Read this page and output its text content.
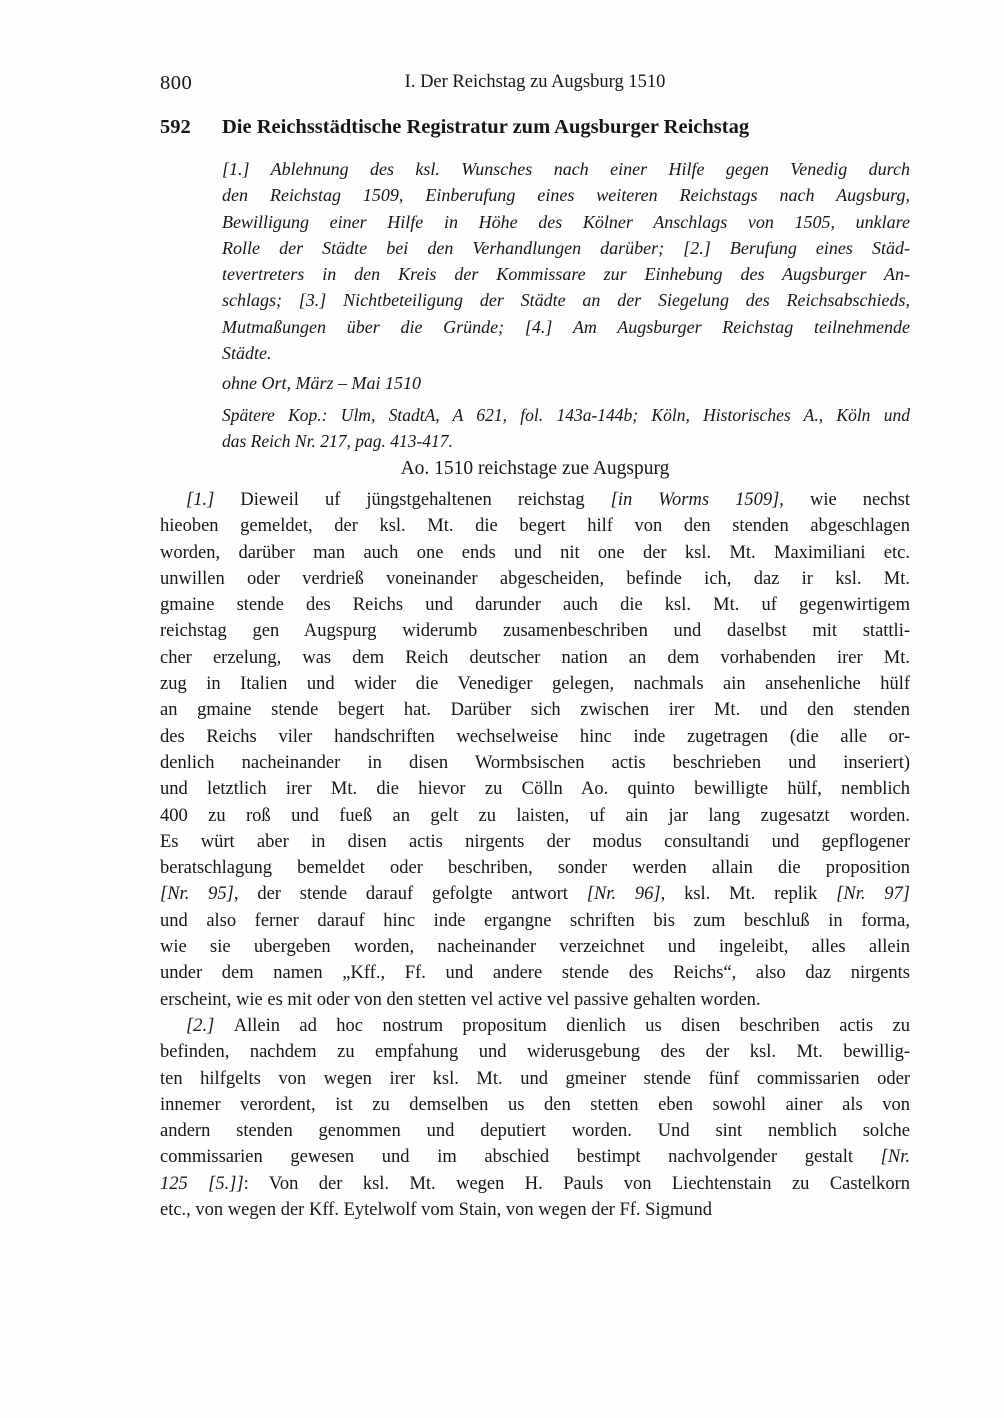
800	I. Der Reichstag zu Augsburg 1510
592 Die Reichsstädtische Registratur zum Augsburger Reichstag
[1.] Ablehnung des ksl. Wunsches nach einer Hilfe gegen Venedig durch
den Reichstag 1509, Einberufung eines weiteren Reichstags nach Augsburg,
Bewilligung einer Hilfe in Höhe des Kölner Anschlags von 1505, unklare
Rolle der Städte bei den Verhandlungen darüber; [2.] Berufung eines Städ-
tevertreters in den Kreis der Kommissare zur Einhebung des Augsburger An-
schlags; [3.] Nichtbeteiligung der Städte an der Siegelung des Reichsabschieds,
Mutmaßungen über die Gründe; [4.] Am Augsburger Reichstag teilnehmende
Städte.
ohne Ort, März – Mai 1510
Spätere Kop.: Ulm, StadtA, A 621, fol. 143a-144b; Köln, Historisches A., Köln und
das Reich Nr. 217, pag. 413-417.
Ao. 1510 reichstage zue Augspurg
[1.] Dieweil uf jüngstgehaltenen reichstag [in Worms 1509], wie nechst
hieoben gemeldet, der ksl. Mt. die begert hilf von den stenden abgeschlagen
worden, darüber man auch one ends und nit one der ksl. Mt. Maximiliani etc.
unwillen oder verdrieß voneinander abgescheiden, befinde ich, daz ir ksl. Mt.
gmaine stende des Reichs und darunder auch die ksl. Mt. uf gegenwirtigem
reichstag gen Augspurg widerumb zusamenbeschriben und daselbst mit stattli-
cher erzelung, was dem Reich deutscher nation an dem vorhabenden irer Mt.
zug in Italien und wider die Venediger gelegen, nachmals ain ansehenliche hülf
an gmaine stende begert hat. Darüber sich zwischen irer Mt. und den stenden
des Reichs viler handschriften wechselweise hinc inde zugetragen (die alle or-
denlich nacheinander in disen Wormbsischen actis beschrieben und inseriert)
und letztlich irer Mt. die hievor zu Cölln Ao. quinto bewilligte hülf, nemblich
400 zu roß und fueß an gelt zu laisten, uf ain jar lang zugesatzt worden.
Es würt aber in disen actis nirgents der modus consultandi und gepflogener
beratschlagung bemeldet oder beschriben, sonder werden allain die proposition
[Nr. 95], der stende darauf gefolgte antwort [Nr. 96], ksl. Mt. replik [Nr. 97]
und also ferner darauf hinc inde ergangne schriften bis zum beschluß in forma,
wie sie ubergeben worden, nacheinander verzeichnet und ingeleibt, alles allein
under dem namen „Kff., Ff. und andere stende des Reichs“, also daz nirgents
erscheint, wie es mit oder von den stetten vel active vel passive gehalten worden.
[2.] Allein ad hoc nostrum propositum dienlich us disen beschriben actis zu
befinden, nachdem zu empfahung und widerusgebung des der ksl. Mt. bewillig-
ten hilfgelts von wegen irer ksl. Mt. und gmeiner stende fünf commissarien oder
innemer verordent, ist zu demselben us den stetten eben sowohl ainer als von
andern stenden genommen und deputiert worden. Und sint nemblich solche
commissarien gewesen und im abschied bestimpt nachvolgender gestalt [Nr.
125 [5.]]: Von der ksl. Mt. wegen H. Pauls von Liechtenstain zu Castelkorn
etc., von wegen der Kff. Eytelwolf vom Stain, von wegen der Ff. Sigmund
